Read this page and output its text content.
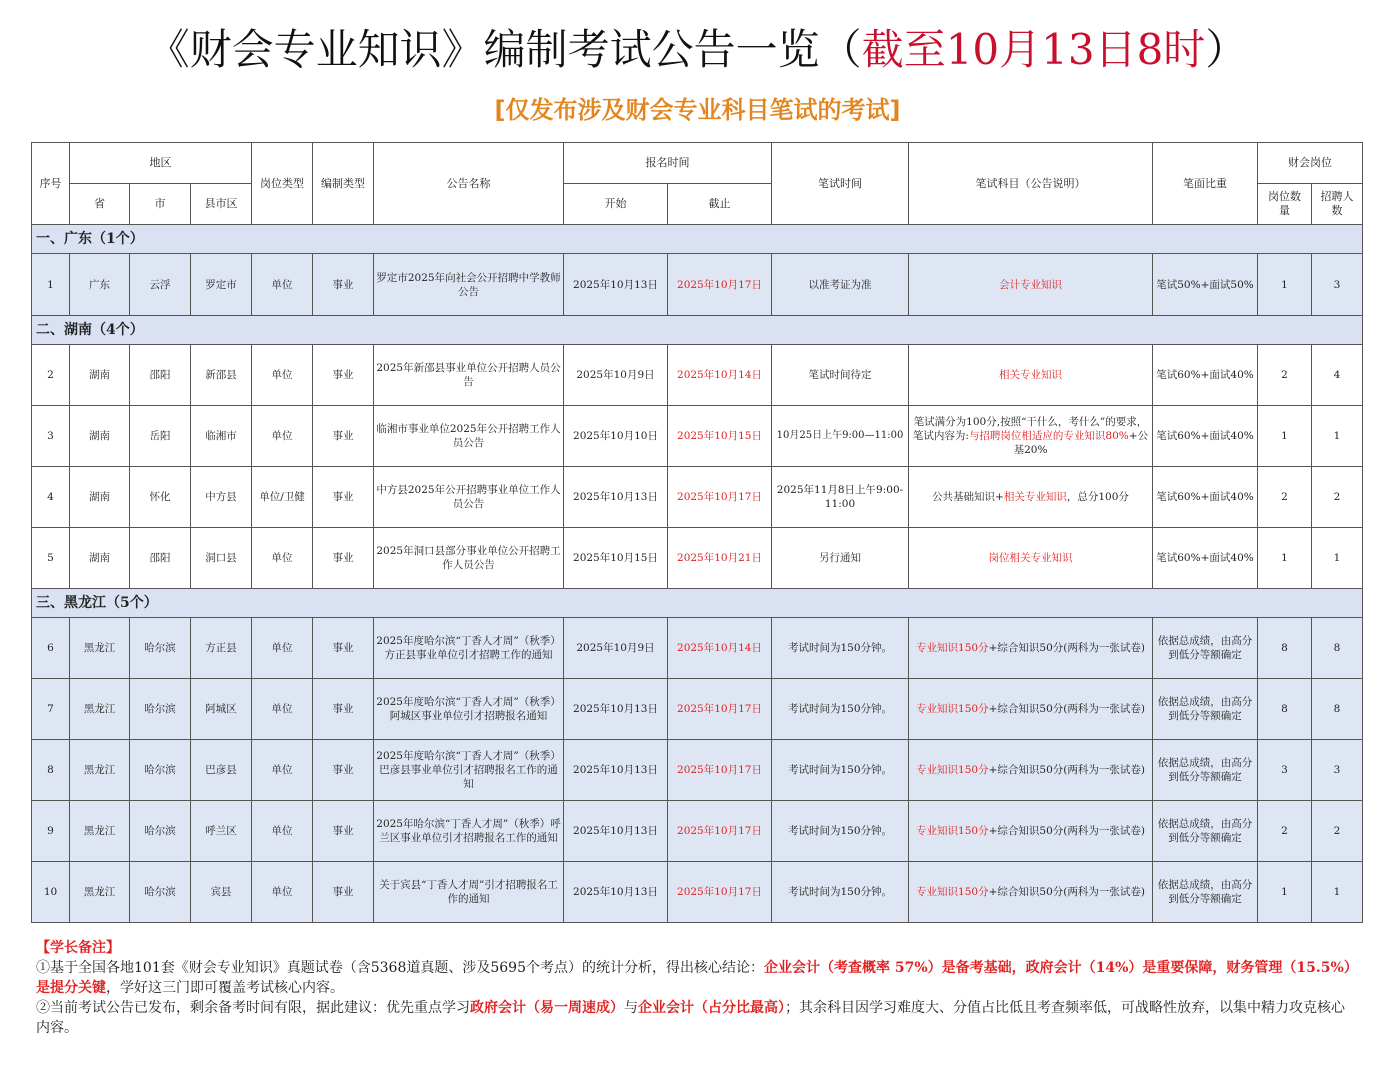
《财会专业知识》编制考试公告一览（截至10月13日8时）
[仅发布涉及财会专业科目笔试的考试]
序号	地区			岗位类型	编制类型	公告名称	报名时间		笔试时间	笔试科目（公告说明）	笔面比重	财会岗位	
	省	市	县市区				开始	截止				岗位数量	招聘人数
一、广东（1个）													
1	广东	云浮	罗定市	单位	事业	罗定市2025年向社会公开招聘中学教师公告	2025年10月13日	2025年10月17日	以准考证为准	会计专业知识	笔试50%+面试50%	1	3
二、湖南（4个）													
2	湖南	邵阳	新邵县	单位	事业	2025年新邵县事业单位公开招聘人员公告	2025年10月9日	2025年10月14日	笔试时间待定	相关专业知识	笔试60%+面试40%	2	4
3	湖南	岳阳	临湘市	单位	事业	临湘市事业单位2025年公开招聘工作人员公告	2025年10月10日	2025年10月15日	10月25日上午9:00—11:00	笔试满分为100分,按照“干什么，考什么”的要求，笔试内容为:与招聘岗位相适应的专业知识80%+公基20%	笔试60%+面试40%	1	1
4	湖南	怀化	中方县	单位/卫健	事业	中方县2025年公开招聘事业单位工作人员公告	2025年10月13日	2025年10月17日	2025年11月8日上午9:00-11:00	公共基础知识+相关专业知识，总分100分	笔试60%+面试40%	2	2
5	湖南	邵阳	洞口县	单位	事业	2025年洞口县部分事业单位公开招聘工作人员公告	2025年10月15日	2025年10月21日	另行通知	岗位相关专业知识	笔试60%+面试40%	1	1
三、黑龙江（5个）													
6	黑龙江	哈尔滨	方正县	单位	事业	2025年度哈尔滨“丁香人才周”（秋季）方正县事业单位引才招聘工作的通知	2025年10月9日	2025年10月14日	考试时间为150分钟。	专业知识150分+综合知识50分(两科为一张试卷)	依据总成绩，由高分到低分等额确定	8	8
7	黑龙江	哈尔滨	阿城区	单位	事业	2025年度哈尔滨“丁香人才周”（秋季）阿城区事业单位引才招聘报名通知	2025年10月13日	2025年10月17日	考试时间为150分钟。	专业知识150分+综合知识50分(两科为一张试卷)	依据总成绩，由高分到低分等额确定	8	8
8	黑龙江	哈尔滨	巴彦县	单位	事业	2025年度哈尔滨“丁香人才周”（秋季）巴彦县事业单位引才招聘报名工作的通知	2025年10月13日	2025年10月17日	考试时间为150分钟。	专业知识150分+综合知识50分(两科为一张试卷)	依据总成绩，由高分到低分等额确定	3	3
9	黑龙江	哈尔滨	呼兰区	单位	事业	2025年哈尔滨“丁香人才周”（秋季）呼兰区事业单位引才招聘报名工作的通知	2025年10月13日	2025年10月17日	考试时间为150分钟。	专业知识150分+综合知识50分(两科为一张试卷)	依据总成绩，由高分到低分等额确定	2	2
10	黑龙江	哈尔滨	宾县	单位	事业	关于宾县“丁香人才周”引才招聘报名工作的通知	2025年10月13日	2025年10月17日	考试时间为150分钟。	专业知识150分+综合知识50分(两科为一张试卷)	依据总成绩，由高分到低分等额确定	1	1
【学长备注】
①基于全国各地101套《财会专业知识》真题试卷（含5368道真题、涉及5695个考点）的统计分析，得出核心结论：企业会计（考查概率 57%）是备考基础，政府会计（14%）是重要保障，财务管理（15.5%）是提分关键，学好这三门即可覆盖考试核心内容。
②当前考试公告已发布，剩余备考时间有限，据此建议：优先重点学习政府会计（易一周速成）与企业会计（占分比最高）；其余科目因学习难度大、分值占比低且考查频率低，可战略性放弃，以集中精力攻克核心内容。
